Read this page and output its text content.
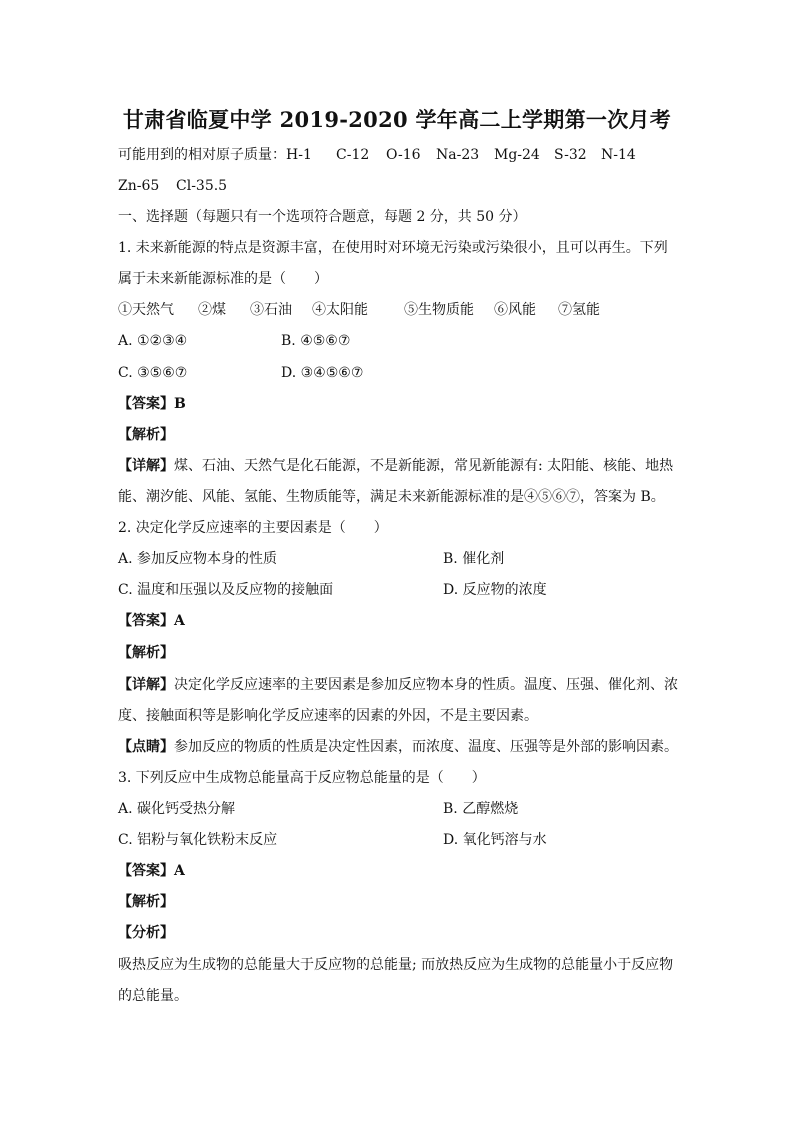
甘肃省临夏中学 2019-2020 学年高二上学期第一次月考
可能用到的相对原子质量：H-1 C-12 O-16 Na-23 Mg-24 S-32 N-14
Zn-65 Cl-35.5
一、选择题（每题只有一个选项符合题意，每题 2 分，共 50 分）
1. 未来新能源的特点是资源丰富，在使用时对环境无污染或污染很小，且可以再生。下列
属于未来新能源标准的是（　　）
①天然气 ②煤 ③石油 ④太阳能	⑤生物质能 ⑥风能 ⑦氢能
A. ①②③④	B. ④⑤⑥⑦
C. ③⑤⑥⑦	D. ③④⑤⑥⑦
【答案】B
【解析】
【详解】煤、石油、天然气是化石能源，不是新能源，常见新能源有: 太阳能、核能、地热
能、潮汐能、风能、氢能、生物质能等，满足未来新能源标准的是④⑤⑥⑦，答案为 B。
2. 决定化学反应速率的主要因素是（　　）
A. 参加反应物本身的性质	B. 催化剂
C. 温度和压强以及反应物的接触面	D. 反应物的浓度
【答案】A
【解析】
【详解】决定化学反应速率的主要因素是参加反应物本身的性质。温度、压强、催化剂、浓
度、接触面积等是影响化学反应速率的因素的外因，不是主要因素。
【点睛】参加反应的物质的性质是决定性因素，而浓度、温度、压强等是外部的影响因素。
3. 下列反应中生成物总能量高于反应物总能量的是（　　）
A. 碳化钙受热分解	B. 乙醇燃烧
C. 铝粉与氧化铁粉末反应	D. 氧化钙溶与水
【答案】A
【解析】
【分析】
吸热反应为生成物的总能量大于反应物的总能量; 而放热反应为生成物的总能量小于反应物
的总能量。
